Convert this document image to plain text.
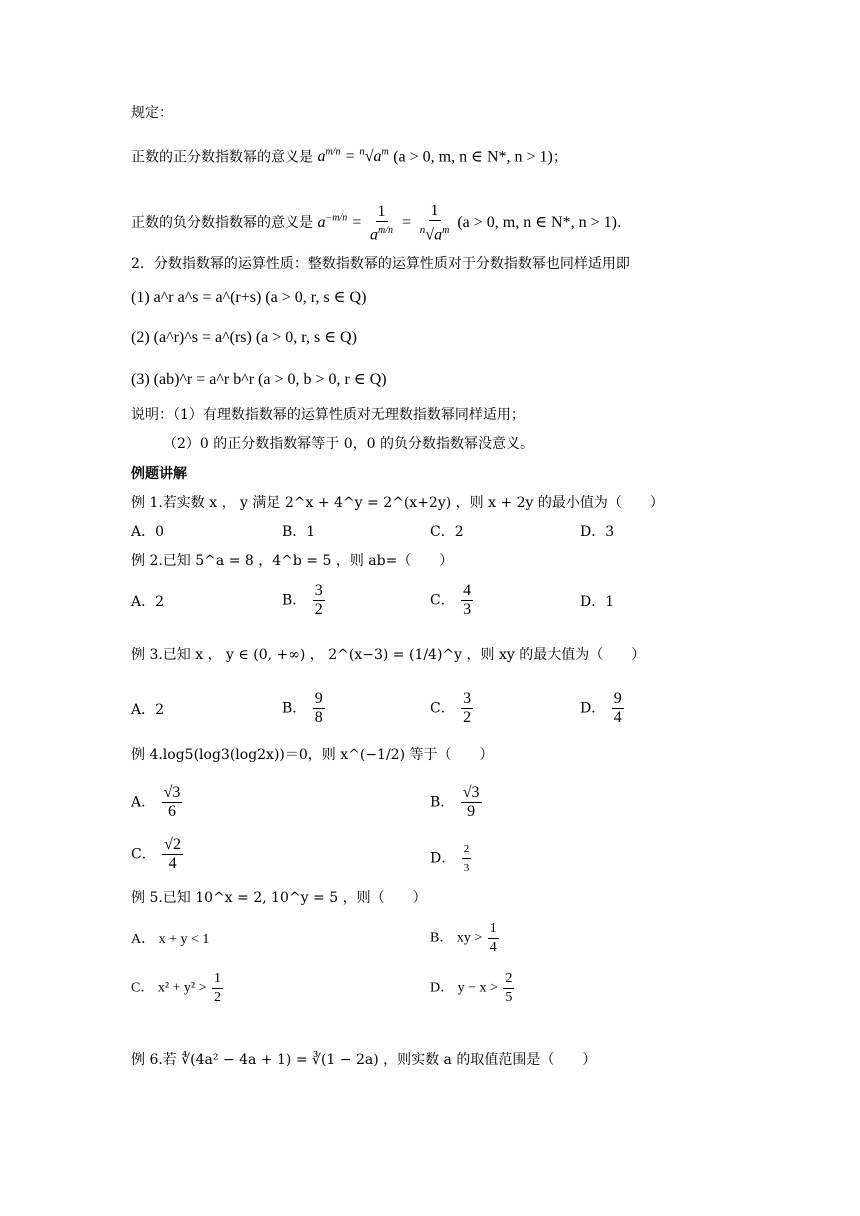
规定：
正数的正分数指数幂的意义是 $a^{m/n} = ^n√a^m$ (a > 0, m, n ∈ N*, n > 1)；
正数的负分数指数幂的意义是 $a^{-m/n} = \frac{1}{a^{m/n}} = \frac{1}{^n√a^m} (a > 0$, m, n ∈ N*, n > 1).
2．分数指数幂的运算性质：整数指数幂的运算性质对于分数指数幂也同样适用即
(1) a^r a^s = a^(r+s) (a > 0, r, s ∈ Q)
(2) (a^r)^s = a^(rs) (a > 0, r, s ∈ Q)
(3) (ab)^r = a^r b^r (a > 0, b > 0, r ∈ Q)
说明：（1）有理数指数幂的运算性质对无理数指数幂同样适用；
（2）0 的正分数指数幂等于 0，0 的负分数指数幂没意义。
例题讲解
例 1.若实数 x ， y 满足 2^x + 4^y = 2^(x+2y) ，则 x + 2y 的最小值为（　　）
A．0	B．1	C．2	D．3
例 2.已知 5^a = 8 ，4^b = 5 ，则 ab=（　　）
A．2	B． $\frac{3}{2}$	C． $\frac{4}{3}$	D．1
例 3.已知 x ， y ∈ (0, +∞) ， 2^(x−3) = (1/4)^y ，则 xy 的最大值为（　　）
A．2	B． $\frac{9}{8}$	C． $\frac{3}{2}$	D． $\frac{9}{4}$
例 4.log5(log3(log2x))＝0，则 x^(−1/2) 等于（　　）
A． $\frac{√3}{6}$	B． $\frac{√3}{9}$
C． $\frac{√2}{4}$	D． $\frac{2}{3}$
例 5.已知 10^x = 2, 10^y = 5 ，则（　　）
A． x + y < 1	B． xy > $\frac{1}{4}$
C． $x^2 + y^2 > \frac{1}{2}$	D． $y - x > \frac{2}{5}$
例 6.若 ∜(4a² − 4a + 1) = ∛(1 − 2a) ，则实数 a 的取值范围是（　　）
